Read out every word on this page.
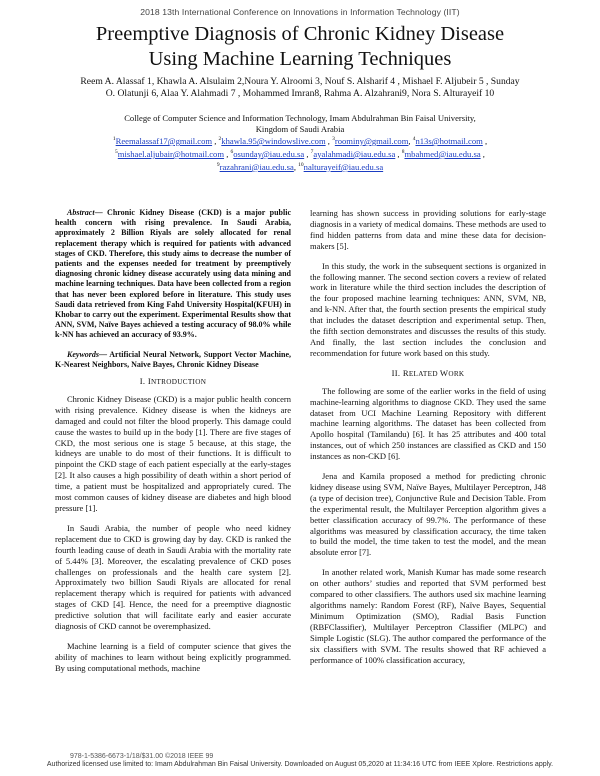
2018 13th International Conference on Innovations in Information Technology (IIT)
Preemptive Diagnosis of Chronic Kidney Disease
Using Machine Learning Techniques
Reem A. Alassaf 1, Khawla A. Alsulaim 2,Noura Y. Alroomi 3, Nouf S. Alsharif 4 , Mishael F. Aljubeir 5 , Sunday
O. Olatunji 6, Alaa Y. Alahmadi 7 , Mohammed Imran8, Rahma A. Alzahrani9, Nora S. Alturayeif 10
College of Computer Science and Information Technology, Imam Abdulrahman Bin Faisal University,
Kingdom of Saudi Arabia
$^1$Reemalassaf17@gmail.com , $^2$khawla.95@windowslive.com , $^3$roominy@gmail.com, $^4$n13s@hotmail.com ,
$^5$mishael.aljubair@hotmail.com , $^6$osunday@iau.edu.sa , $^7$ayalahmadi@iau.edu.sa , $^8$mbahmed@iau.edu.sa ,
$^9$razahrani@iau.edu.sa, $^{10}$nalturayeif@iau.edu.sa
Abstract— Chronic Kidney Disease (CKD) is a major public health concern with rising prevalence. In Saudi Arabia, approximately 2 Billion Riyals are solely allocated for renal replacement therapy which is required for patients with advanced stages of CKD. Therefore, this study aims to decrease the number of patients and the expenses needed for treatment by preemptively diagnosing chronic kidney disease accurately using data mining and machine learning techniques. Data have been collected from a region that has never been explored before in literature. This study uses Saudi data retrieved from King Fahd University Hospital(KFUH) in Khobar to carry out the experiment. Experimental Results show that ANN, SVM, Naïve Bayes achieved a testing accuracy of 98.0% while k-NN has achieved an accuracy of 93.9%.
Keywords— Artificial Neural Network, Support Vector Machine, K-Nearest Neighbors, Naïve Bayes, Chronic Kidney Disease
I. INTRODUCTION

Chronic Kidney Disease (CKD) is a major public health concern with rising prevalence. Kidney disease is when the kidneys are damaged and could not filter the blood properly. This damage could cause the wastes to build up in the body [1]. There are five stages of CKD, the most serious one is stage 5 because, at this stage, the kidneys are unable to do most of their functions. It is difficult to pinpoint the CKD stage of each patient especially at the early-stages [2]. It also causes a high possibility of death within a short period of time, a patient must be hospitalized and appropriately cured. The most common causes of kidney disease are diabetes and high blood pressure [1].

In Saudi Arabia, the number of people who need kidney replacement due to CKD is growing day by day. CKD is ranked the fourth leading cause of death in Saudi Arabia with the mortality rate of 5.44% [3]. Moreover, the escalating prevalence of CKD poses challenges on professionals and the health care system [2]. Approximately two billion Saudi Riyals are allocated for renal replacement therapy which is required for patients with advanced stages of CKD [4]. Hence, the need for a preemptive diagnostic predictive solution that will facilitate early and easier accurate diagnosis of CKD cannot be overemphasized.

Machine learning is a field of computer science that gives the ability of machines to learn without being explicitly programmed. By using computational methods, machine

learning has shown success in providing solutions for early-stage diagnosis in a variety of medical domains. These methods are used to find hidden patterns from data and mine these data for decision- makers [5].

In this study, the work in the subsequent sections is organized in the following manner. The second section covers a review of related work in literature while the third section includes the description of the four proposed machine learning techniques: ANN, SVM, NB, and k-NN. After that, the fourth section presents the empirical study that includes the dataset description and experimental setup. Then, the fifth section demonstrates and discusses the results of this study. And finally, the last section includes the conclusion and recommendation for future work based on this study.

II. RELATED WORK

The following are some of the earlier works in the field of using machine-learning algorithms to diagnose CKD. They used the same dataset from UCI Machine Learning Repository with different machine learning algorithms. The dataset has been collected from Apollo hospital (Tamilandu) [6]. It has 25 attributes and 400 total instances, out of which 250 instances are classified as CKD and 150 instances as non-CKD [6].

Jena and Kamila proposed a method for predicting chronic kidney disease using SVM, Naïve Bayes, Multilayer Perceptron, J48 (a type of decision tree), Conjunctive Rule and Decision Table. From the experimental result, the Multilayer Perception algorithm gives a better classification accuracy of 99.7%. The performance of these algorithms was measured by classification accuracy, the time taken to build the model, the time taken to test the model, and the mean absolute error [7].

In another related work, Manish Kumar has made some research on other authors’ studies and reported that SVM performed best compared to other classifiers. The authors used six machine learning algorithms namely: Random Forest (RF), Naïve Bayes, Sequential Minimum Optimization (SMO), Radial Basis Function (RBFClassifier), Multilayer Perceptron Classifier (MLPC) and Simple Logistic (SLG). The author compared the performance of the six classifiers with SVM. The results showed that RF achieved a performance of 100% classification accuracy,

978-1-5386-6673-1/18/$31.00 ©2018 IEEE 99
Authorized licensed use limited to: Imam Abdulrahman Bin Faisal University. Downloaded on August 05,2020 at 11:34:16 UTC from IEEE Xplore. Restrictions apply.
